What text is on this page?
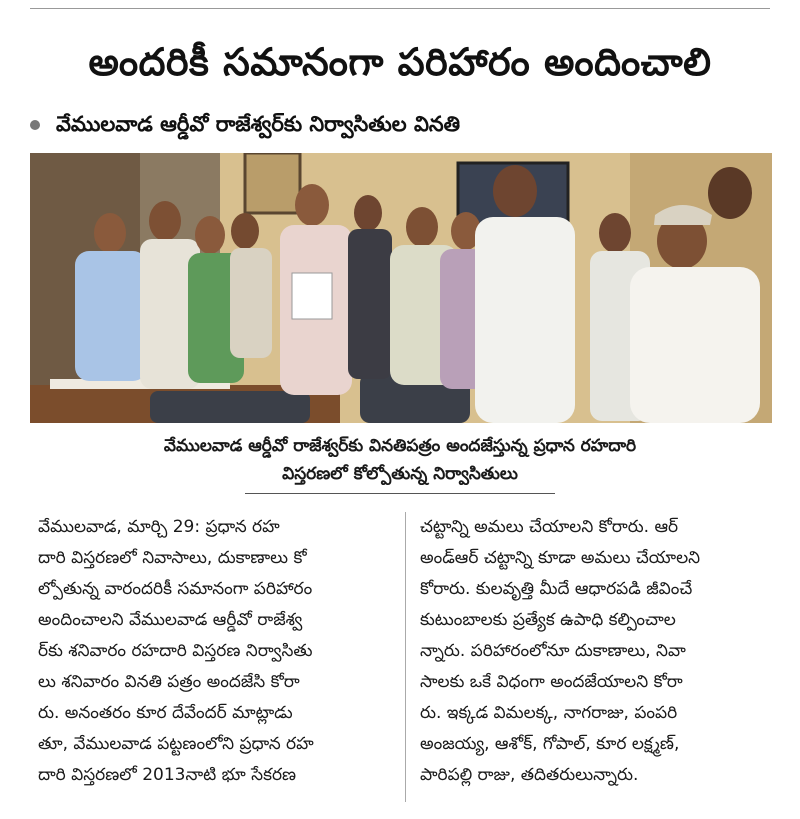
అందరికీ సమానంగా పరిహారం అందించాలి
వేములవాడ ఆర్డీవో రాజేశ్వర్‌కు నిర్వాసితుల వినతి
వేములవాడ ఆర్డీవో రాజేశ్వర్‌కు వినతిపత్రం అందజేస్తున్న ప్రధాన రహదారి
విస్తరణలో కోల్పోతున్న నిర్వాసితులు
వేములవాడ, మార్చి 29: ప్రధాన రహ
దారి విస్తరణలో నివాసాలు, దుకాణాలు కో
ల్పోతున్న వారందరికీ సమానంగా పరిహారం
అందించాలని వేములవాడ ఆర్డీవో రాజేశ్వ
ర్‌కు శనివారం రహదారి విస్తరణ నిర్వాసితు
లు శనివారం వినతి పత్రం అందజేసి కోరా
రు. అనంతరం కూర దేవేందర్ మాట్లాడు
తూ, వేములవాడ పట్టణంలోని ప్రధాన రహ
దారి విస్తరణలో 2013నాటి భూ సేకరణ
చట్టాన్ని అమలు చేయాలని కోరారు. ఆర్
అండ్‌ఆర్ చట్టాన్ని కూడా అమలు చేయాలని
కోరారు. కులవృత్తి మీదే ఆధారపడి జీవించే
కుటుంబాలకు ప్రత్యేక ఉపాధి కల్పించాల
న్నారు. పరిహారంలోనూ దుకాణాలు, నివా
సాలకు ఒకే విధంగా అందజేయాలని కోరా
రు. ఇక్కడ విమలక్క, నాగరాజు, పంపరి
అంజయ్య, ఆశోక్, గోపాల్, కూర లక్ష్మణ్,
పారిపల్లి రాజు, తదితరులున్నారు.
